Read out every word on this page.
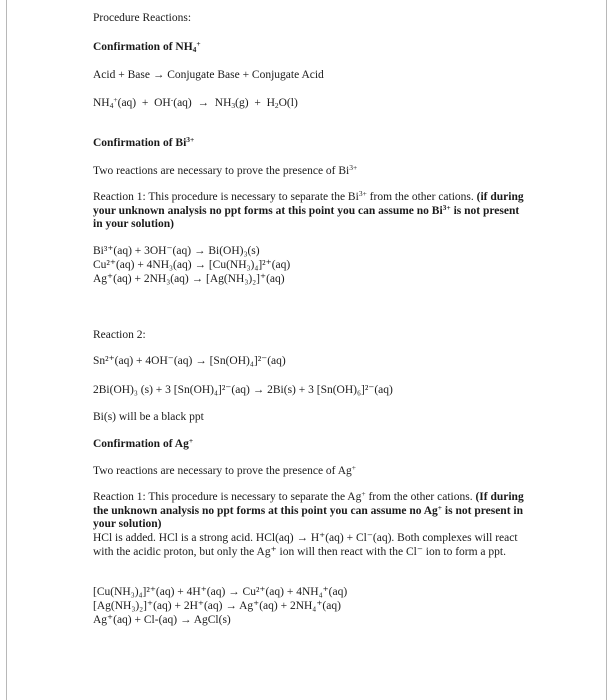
Procedure Reactions:
Confirmation of $NH_4^+$
Acid + Base → Conjugate Base + Conjugate Acid
$NH_4^+(aq) + OH^-(aq) \to NH_3(g) + H_2O(l)$
Confirmation of $Bi^{3+}$
Two reactions are necessary to prove the presence of $Bi^{3+}$
Reaction 1: This procedure is necessary to separate the $Bi^{3+}$ from the other cations. (if during your unknown analysis no ppt forms at this point you can assume no $Bi^{3+}$ is not present in your solution)
Bi³⁺(aq) + 3OH⁻(aq) → Bi(OH)₃(s)
Cu²⁺(aq) + 4NH₃(aq) → [Cu(NH₃)₄]²⁺(aq)
Ag⁺(aq) + 2NH₃(aq) → [Ag(NH₃)₂]⁺(aq)
Reaction 2:
Sn²⁺(aq) + 4OH⁻(aq) → [Sn(OH)₄]²⁻(aq)
2Bi(OH)₃ (s) + 3 [Sn(OH)₄]²⁻(aq) → 2Bi(s) + 3 [Sn(OH)₆]²⁻(aq)
Bi(s) will be a black ppt
Confirmation of Ag+
Two reactions are necessary to prove the presence of Ag+
Reaction 1: This procedure is necessary to separate the Ag+ from the other cations. (If during the unknown analysis no ppt forms at this point you can assume no Ag+ is not present in your solution)
HCl is added. HCl is a strong acid. HCl(aq) → H⁺(aq) + Cl⁻(aq). Both complexes will react with the acidic proton, but only the Ag⁺ ion will then react with the Cl⁻ ion to form a ppt.
[Cu(NH₃)₄]²⁺(aq) + 4H⁺(aq) → Cu²⁺(aq) + 4NH₄⁺(aq)
[Ag(NH₃)₂]⁺(aq) + 2H⁺(aq) → Ag⁺(aq) + 2NH₄⁺(aq)
Ag⁺(aq) + Cl-(aq) → AgCl(s)
